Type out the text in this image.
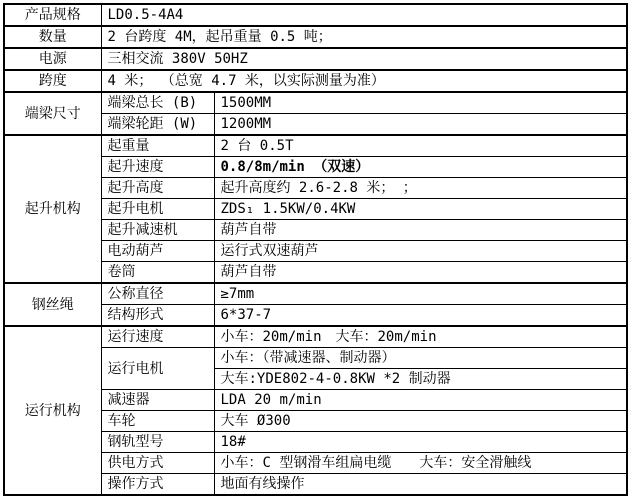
产品规格	LD0.5-4A4	
数量	2 台跨度 4M，起吊重量 0.5 吨；	
电源	三相交流 380V 50HZ	
跨度	4 米； （总宽 4.7 米，以实际测量为准）	
端梁尺寸	端梁总长 (B)	1500MM
	端梁轮距 (W)	1200MM
起升机构	起重量	2 台 0.5T
	起升速度	0.8/8m/min （双速）
	起升高度	起升高度约 2.6-2.8 米； ；
	起升电机	ZDS₁ 1.5KW/0.4KW
	起升减速机	葫芦自带
	电动葫芦	运行式双速葫芦
	卷筒	葫芦自带
钢丝绳	公称直径	≥7mm
	结构形式	6*37-7
运行机构	运行速度	小车：20m/min　大车：20m/min
	运行电机	小车：（带减速器、制动器）
		大车:YDE802-4-0.8KW *2 制动器
	减速器	LDA 20 m/min
	车轮	大车 Ø300
	钢轨型号	18#
	供电方式	小车：C 型钢滑车组扁电缆　　大车：安全滑触线
	操作方式	地面有线操作
